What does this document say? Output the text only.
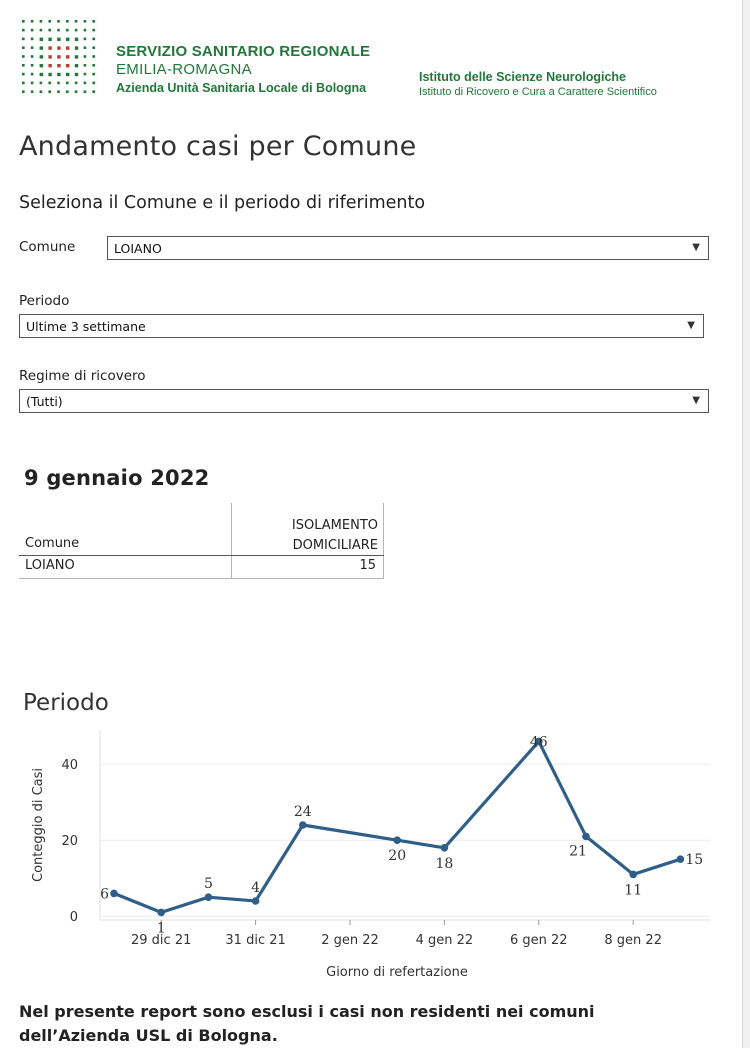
SERVIZIO SANITARIO REGIONALE
EMILIA-ROMAGNA
Azienda Unità Sanitaria Locale di Bologna
Istituto delle Scienze Neurologiche
Istituto di Ricovero e Cura a Carattere Scientifico
Andamento casi per Comune
Seleziona il Comune e il periodo di riferimento
Comune	LOIANO	▼
Periodo
Ultime 3 settimane	▼
Regime di ricovero
(Tutti)	▼
9 gennaio 2022
Comune
ISOLAMENTO
DOMICILIARE
LOIANO	15
Periodo
0
20
40
29 dic 21	31 dic 21	2 gen 22	4 gen 22	6 gen 22	8 gen 22
Giorno di refertazione
Conteggio di Casi
6
1
5	4
24
20 18
46
21
11
15
Nel presente report sono esclusi i casi non residenti nei comuni
dell’Azienda USL di Bologna.
